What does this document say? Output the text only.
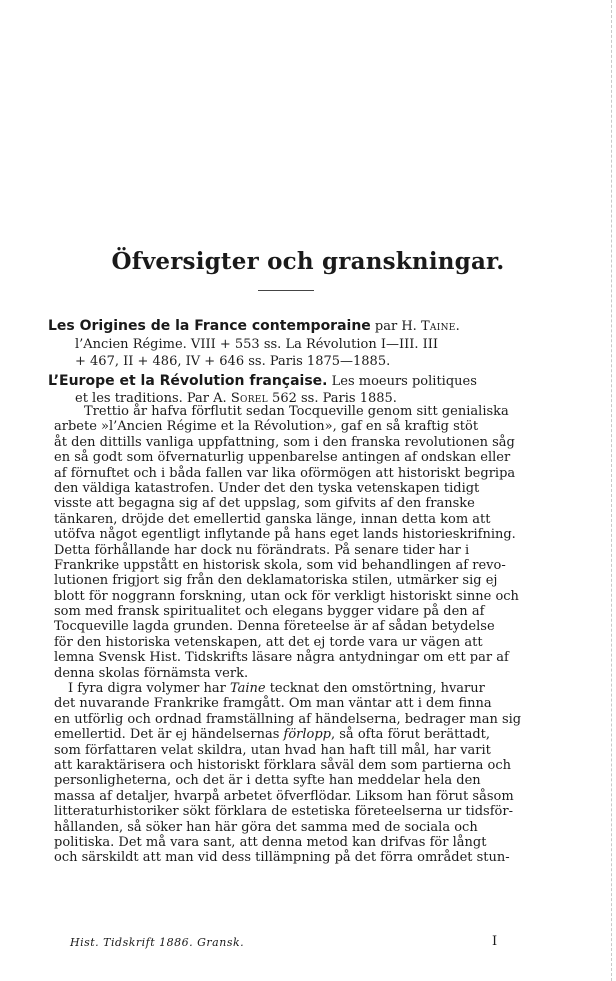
Öfversigter och granskningar.
Les Origines de la France contemporaine par H. Taine.
l’Ancien Régime. VIII + 553 ss. La Révolution I—III. III
+ 467, II + 486, IV + 646 ss. Paris 1875—1885.
L’Europe et la Révolution française. Les moeurs politiques
et les traditions. Par A. Sorel 562 ss. Paris 1885.
Trettio år hafva förflutit sedan Tocqueville genom sitt genialiska
arbete »l’Ancien Régime et la Révolution», gaf en så kraftig stöt
åt den dittills vanliga uppfattning, som i den franska revolutionen såg
en så godt som öfvernaturlig uppenbarelse antingen af ondskan eller
af förnuftet och i båda fallen var lika oförmögen att historiskt begripa
den väldiga katastrofen. Under det den tyska vetenskapen tidigt
visste att begagna sig af det uppslag, som gifvits af den franske
tänkaren, dröjde det emellertid ganska länge, innan detta kom att
utöfva något egentligt inflytande på hans eget lands historieskrifning.
Detta förhållande har dock nu förändrats. På senare tider har i
Frankrike uppstått en historisk skola, som vid behandlingen af revo-
lutionen frigjort sig från den deklamatoriska stilen, utmärker sig ej
blott för noggrann forskning, utan ock för verkligt historiskt sinne och
som med fransk spiritualitet och elegans bygger vidare på den af
Tocqueville lagda grunden. Denna företeelse är af sådan betydelse
för den historiska vetenskapen, att det ej torde vara ur vägen att
lemna Svensk Hist. Tidskrifts läsare några antydningar om ett par af
denna skolas förnämsta verk.
I fyra digra volymer har Taine tecknat den omstörtning, hvarur
det nuvarande Frankrike framgått. Om man väntar att i dem finna
en utförlig och ordnad framställning af händelserna, bedrager man sig
emellertid. Det är ej händelsernas förlopp, så ofta förut berättadt,
som författaren velat skildra, utan hvad han haft till mål, har varit
att karaktärisera och historiskt förklara såväl dem som partierna och
personligheterna, och det är i detta syfte han meddelar hela den
massa af detaljer, hvarpå arbetet öfverflödar. Liksom han förut såsom
litteraturhistoriker sökt förklara de estetiska företeelserna ur tidsför-
hållanden, så söker han här göra det samma med de sociala och
politiska. Det må vara sant, att denna metod kan drifvas för långt
och särskildt att man vid dess tillämpning på det förra området stun-
Hist. Tidskrift 1886. Gransk.	I
